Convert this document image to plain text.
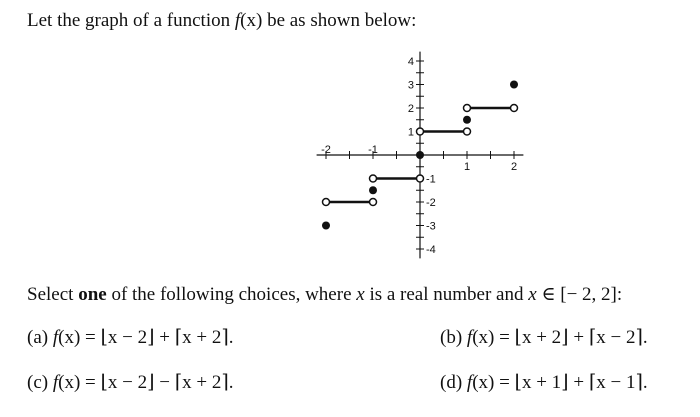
Let the graph of a function f(x) be as shown below:
-2	-1
1	2
4
3
2
1
-1
-2
-3
-4
Select one of the following choices, where x is a real number and x ∈ [− 2, 2]:
(a) f(x) = ⌊x − 2⌋ + ⌈x + 2⌉.	(b) f(x) = ⌊x + 2⌋ + ⌈x − 2⌉.
(c) f(x) = ⌊x − 2⌋ − ⌈x + 2⌉.	(d) f(x) = ⌊x + 1⌋ + ⌈x − 1⌉.
